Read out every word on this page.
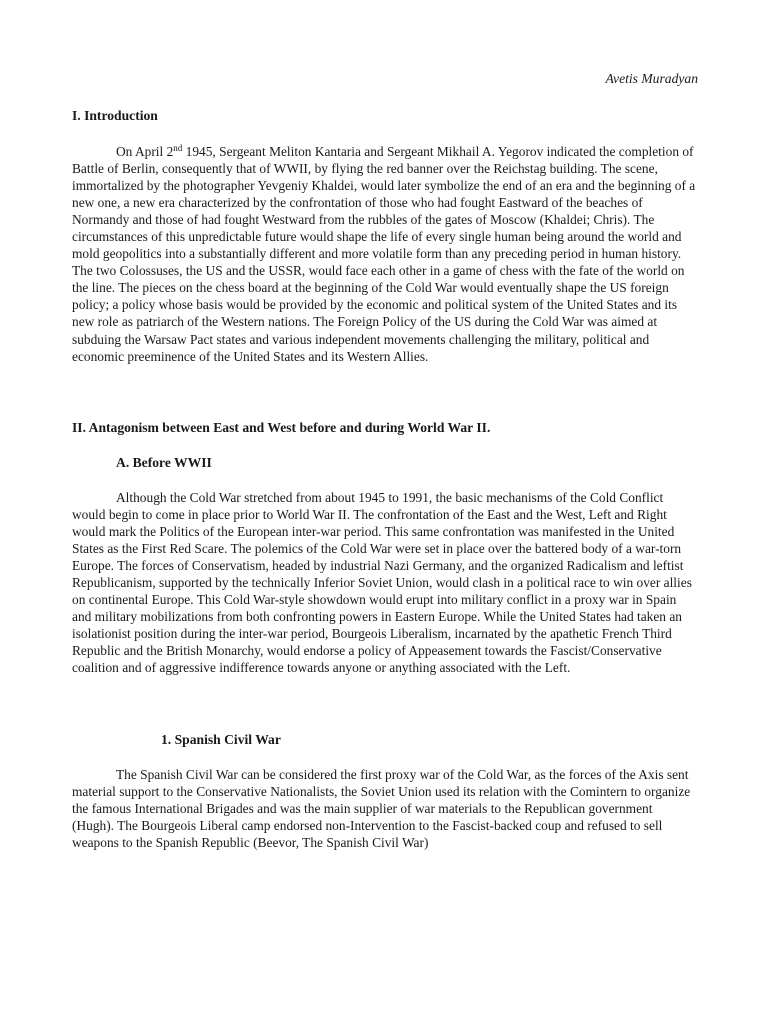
Avetis Muradyan
I. Introduction
On April 2nd 1945, Sergeant Meliton Kantaria and Sergeant Mikhail A. Yegorov indicated the completion of Battle of Berlin, consequently that of WWII, by flying the red banner over the Reichstag building. The scene, immortalized by the photographer Yevgeniy Khaldei, would later symbolize the end of an era and the beginning of a new one, a new era characterized by the confrontation of those who had fought Eastward of the beaches of Normandy and those of had fought Westward from the rubbles of the gates of Moscow (Khaldei; Chris). The circumstances of this unpredictable future would shape the life of every single human being around the world and mold geopolitics into a substantially different and more volatile form than any preceding period in human history. The two Colossuses, the US and the USSR, would face each other in a game of chess with the fate of the world on the line. The pieces on the chess board at the beginning of the Cold War would eventually shape the US foreign policy; a policy whose basis would be provided by the economic and political system of the United States and its new role as patriarch of the Western nations. The Foreign Policy of the US during the Cold War was aimed at subduing the Warsaw Pact states and various independent movements challenging the military, political and economic preeminence of the United States and its Western Allies.
II. Antagonism between East and West before and during World War II.
A. Before WWII
Although the Cold War stretched from about 1945 to 1991, the basic mechanisms of the Cold Conflict would begin to come in place prior to World War II. The confrontation of the East and the West, Left and Right would mark the Politics of the European inter-war period. This same confrontation was manifested in the United States as the First Red Scare. The polemics of the Cold War were set in place over the battered body of a war-torn Europe. The forces of Conservatism, headed by industrial Nazi Germany, and the organized Radicalism and leftist Republicanism, supported by the technically Inferior Soviet Union, would clash in a political race to win over allies on continental Europe. This Cold War-style showdown would erupt into military conflict in a proxy war in Spain and military mobilizations from both confronting powers in Eastern Europe. While the United States had taken an isolationist position during the inter-war period, Bourgeois Liberalism, incarnated by the apathetic French Third Republic and the British Monarchy, would endorse a policy of Appeasement towards the Fascist/Conservative coalition and of aggressive indifference towards anyone or anything associated with the Left.
1. Spanish Civil War
The Spanish Civil War can be considered the first proxy war of the Cold War, as the forces of the Axis sent material support to the Conservative Nationalists, the Soviet Union used its relation with the Comintern to organize the famous International Brigades and was the main supplier of war materials to the Republican government (Hugh). The Bourgeois Liberal camp endorsed non-Intervention to the Fascist-backed coup and refused to sell weapons to the Spanish Republic (Beevor, The Spanish Civil War)
